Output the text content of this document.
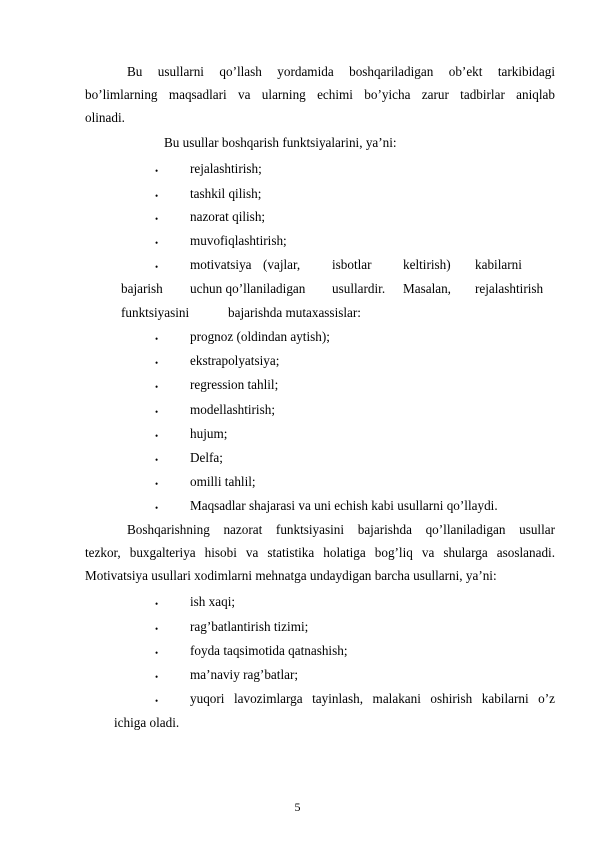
Bu usullarni qo’llash yordamida boshqariladigan ob’ekt tarkibidagi
bo’limlarning maqsadlari va ularning echimi bo’yicha zarur tadbirlar aniqlab
olinadi.
Bu usullar boshqarish funktsiyalarini, ya’ni:
• rejalashtirish;
• tashkil qilish;
• nazorat qilish;
• muvofiqlashtirish;
• motivatsiya (vajlar, isbotlar keltirish) kabilarni
bajarish uchun qo’llaniladigan usullardir. Masalan, rejalashtirish
funktsiyasini	bajarishda mutaxassislar:
• prognoz (oldindan aytish);
• ekstrapolyatsiya;
• regression tahlil;
• modellashtirish;
• hujum;
• Delfa;
• omilli tahlil;
• Maqsadlar shajarasi va uni echish kabi usullarni qo’llaydi.
Boshqarishning nazorat funktsiyasini bajarishda qo’llaniladigan usullar
tezkor, buxgalteriya hisobi va statistika holatiga bog’liq va shularga asoslanadi.
Motivatsiya usullari xodimlarni mehnatga undaydigan barcha usullarni, ya’ni:
• ish xaqi;
• rag’batlantirish tizimi;
• foyda taqsimotida qatnashish;
• ma’naviy rag’batlar;
• yuqori lavozimlarga tayinlash, malakani oshirish kabilarni o’z
ichiga oladi.
5
